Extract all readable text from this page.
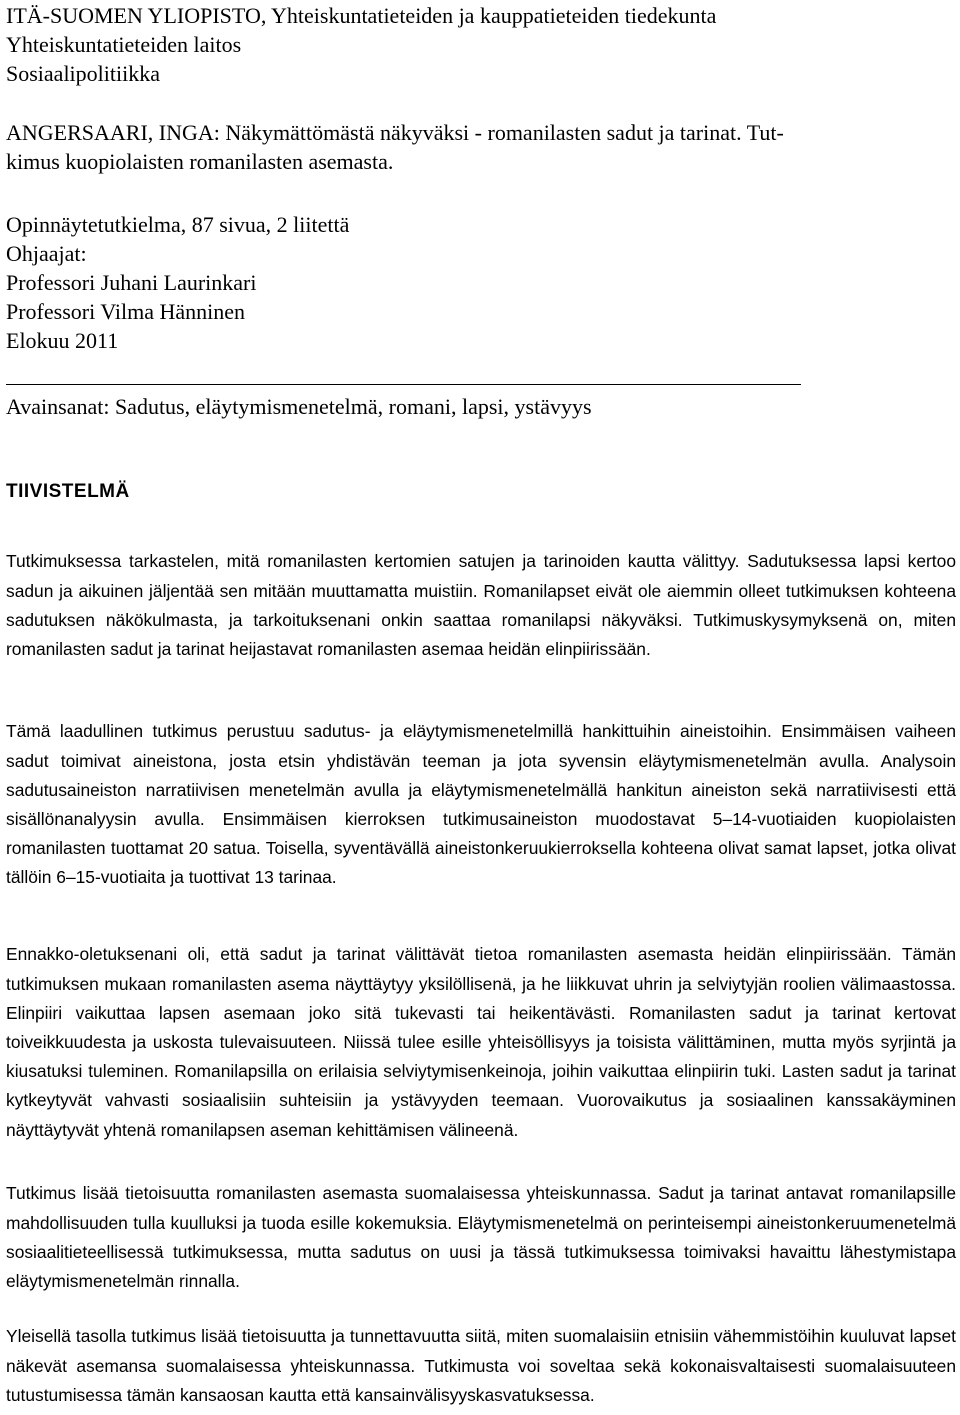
ITÄ-SUOMEN YLIOPISTO, Yhteiskuntatieteiden ja kauppatieteiden tiedekunta
Yhteiskuntatieteiden laitos
Sosiaalipolitiikka
ANGERSAARI, INGA: Näkymättömästä näkyväksi - romanilasten sadut ja tarinat. Tut-
kimus kuopiolaisten romanilasten asemasta.
Opinnäytetutkielma, 87 sivua, 2 liitettä
Ohjaajat:
Professori Juhani Laurinkari
Professori Vilma Hänninen
Elokuu 2011
Avainsanat: Sadutus, eläytymismenetelmä, romani, lapsi, ystävyys
TIIVISTELMÄ

Tutkimuksessa tarkastelen, mitä romanilasten kertomien satujen ja tarinoiden kautta välittyy. Sadutuksessa lapsi kertoo sadun ja aikuinen jäljentää sen mitään muuttamatta muistiin. Romanilapset eivät ole aiemmin olleet tutkimuksen kohteena sadutuksen näkökulmasta, ja tarkoituksenani onkin saattaa romanilapsi näkyväksi. Tutkimuskysymyksenä on, miten romanilasten sadut ja tarinat heijastavat romanilasten asemaa heidän elinpiirissään.

Tämä laadullinen tutkimus perustuu sadutus- ja eläytymismenetelmillä hankittuihin aineistoihin. Ensimmäisen vaiheen sadut toimivat aineistona, josta etsin yhdistävän teeman ja jota syvensin eläytymismenetelmän avulla. Analysoin sadutusaineiston narratiivisen menetelmän avulla ja eläytymismenetelmällä hankitun aineiston sekä narratiivisesti että sisällönanalyysin avulla. Ensimmäisen kierroksen tutkimusaineiston muodostavat 5–14-vuotiaiden kuopiolaisten romanilasten tuottamat 20 satua. Toisella, syventävällä aineistonkeruukierroksella kohteena olivat samat lapset, jotka olivat tällöin 6–15-vuotiaita ja tuottivat 13 tarinaa.

Ennakko-oletuksenani oli, että sadut ja tarinat välittävät tietoa romanilasten asemasta heidän elinpiirissään. Tämän tutkimuksen mukaan romanilasten asema näyttäytyy yksilöllisenä, ja he liikkuvat uhrin ja selviytyjän roolien välimaastossa. Elinpiiri vaikuttaa lapsen asemaan joko sitä tukevasti tai heikentävästi. Romanilasten sadut ja tarinat kertovat toiveikkuudesta ja uskosta tulevaisuuteen. Niissä tulee esille yhteisöllisyys ja toisista välittäminen, mutta myös syrjintä ja kiusatuksi tuleminen. Romanilapsilla on erilaisia selviytymisenkeinoja, joihin vaikuttaa elinpiirin tuki. Lasten sadut ja tarinat kytkeytyvät vahvasti sosiaalisiin suhteisiin ja ystävyyden teemaan. Vuorovaikutus ja sosiaalinen kanssakäyminen näyttäytyvät yhtenä romanilapsen aseman kehittämisen välineenä.

Tutkimus lisää tietoisuutta romanilasten asemasta suomalaisessa yhteiskunnassa. Sadut ja tarinat antavat romanilapsille mahdollisuuden tulla kuulluksi ja tuoda esille kokemuksia. Eläytymismenetelmä on perinteisempi aineistonkeruumenetelmä sosiaalitieteellisessä tutkimuksessa, mutta sadutus on uusi ja tässä tutkimuksessa toimivaksi havaittu lähestymistapa eläytymismenetelmän rinnalla.

Yleisellä tasolla tutkimus lisää tietoisuutta ja tunnettavuutta siitä, miten suomalaisiin etnisiin vähemmistöihin kuuluvat lapset näkevät asemansa suomalaisessa yhteiskunnassa. Tutkimusta voi soveltaa sekä kokonaisvaltaisesti suomalaisuuteen tutustumisessa tämän kansaosan kautta että kansainvälisyyskasvatuksessa.
